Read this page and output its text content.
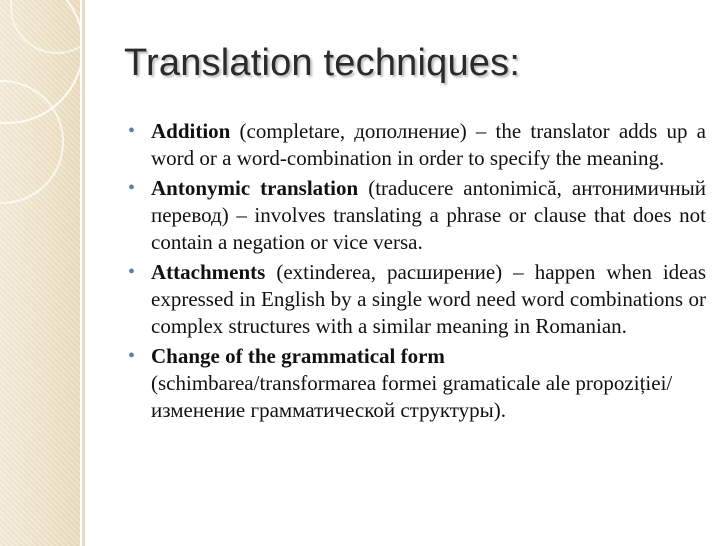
Translation techniques:
• Addition (completare, дополнение) – the translator adds up a word or a word-combination in order to specify the meaning.
• Antonymic translation (traducere antonimică, антонимичный перевод) – involves translating a phrase or clause that does not contain a negation or vice versa.
• Attachments (extinderea, расширение) – happen when ideas expressed in English by a single word need word combinations or complex structures with a similar meaning in Romanian.
• Change of the grammatical form
(schimbarea/transformarea formei gramaticale ale propoziției/изменение грамматической структуры).
